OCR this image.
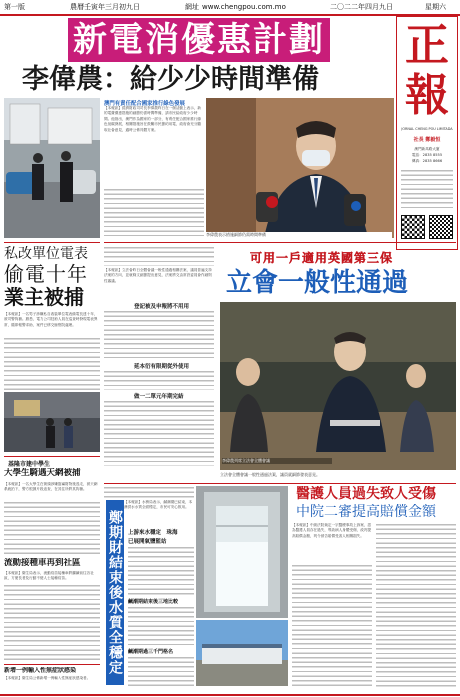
第一版	農曆壬寅年三月初九日	網址 www.chengpou.com.mo	二〇二二年四月九日	星期六
新電消優惠計劃
李偉農：給少少時間準備
正
報
JORNAL CHENG POU LIMITADA
社長 鄭毅恒
澳門新馬路大廈
電話：2835 8555
傳真：2835 8666
澳門有責任配合國家推行綠色發展
【本報訊】經濟財政司司長李偉農昨日在一個活動上表示，新的電費優惠措施的細節仍需時間準備，請市民給政府少少時間。他指出，澳門作為國家的一部分，有責任配合國家推行綠色低碳發展，相關措施旨在鼓勵市民節約用電，政府會充分聽取社會意見，適時公佈具體方案。
李偉農表示措施細節仍需時間準備
私改單位電表
偷電十年
業主被捕
【本報訊】一名男子涉嫌私自改裝單位電表偷電長達十年，被司警拘捕。據悉，電力公司技術人員在巡查時發現電表異常，隨即報警求助，案件已移交檢察院處理。
基隆市建中學生
大學生騎遇天網被捕
【本報訊】一名大學生在街頭涉嫌盜竊財物後逃走，被天網系統拍下，警方根據片段追查，在其住所將其拘捕。
流動接種車再到社區
【本報訊】衛生局表示，流動疫苗接種車將繼續前往各社區，方便長者及行動不便人士接種疫苗。
新增一例輸入性無症狀感染
【本報訊】衛生局公佈新增一例輸入性無症狀感染者。
【本報訊】立法會昨日全體會議一般性通過相關法案，議員普遍支持法案的方向，並就條文細節提出意見，法案將交由常設委員會作細則性審議。
可用一戶適用英國第三保
立會一般性通過
登記被及申報將不用用
延本衍有限期從外使用
做一二單元年期完結
李偉農列席立法會全體會議
立法會全體會議一般性通過法案，議員就細節發表意見。
【本報訊】水務局表示，鹹潮期已結束，本澳供水水質全面穩定，市民可安心飲用。
鄭期財結束後水質全穩定 上游來水穩定　珠海
已展開氣鹽監站
鹹潮期結束後三地比較
鹹潮期過三千門格名
醫護人員過失致人受傷
中院二審提高賠償金額
【本報訊】中級法院裁定一宗醫療事故上訴案，認為醫護人員存在過失，導致病人身體受傷，改判提高賠償金額，判令被告賠償受害人相關損失。
